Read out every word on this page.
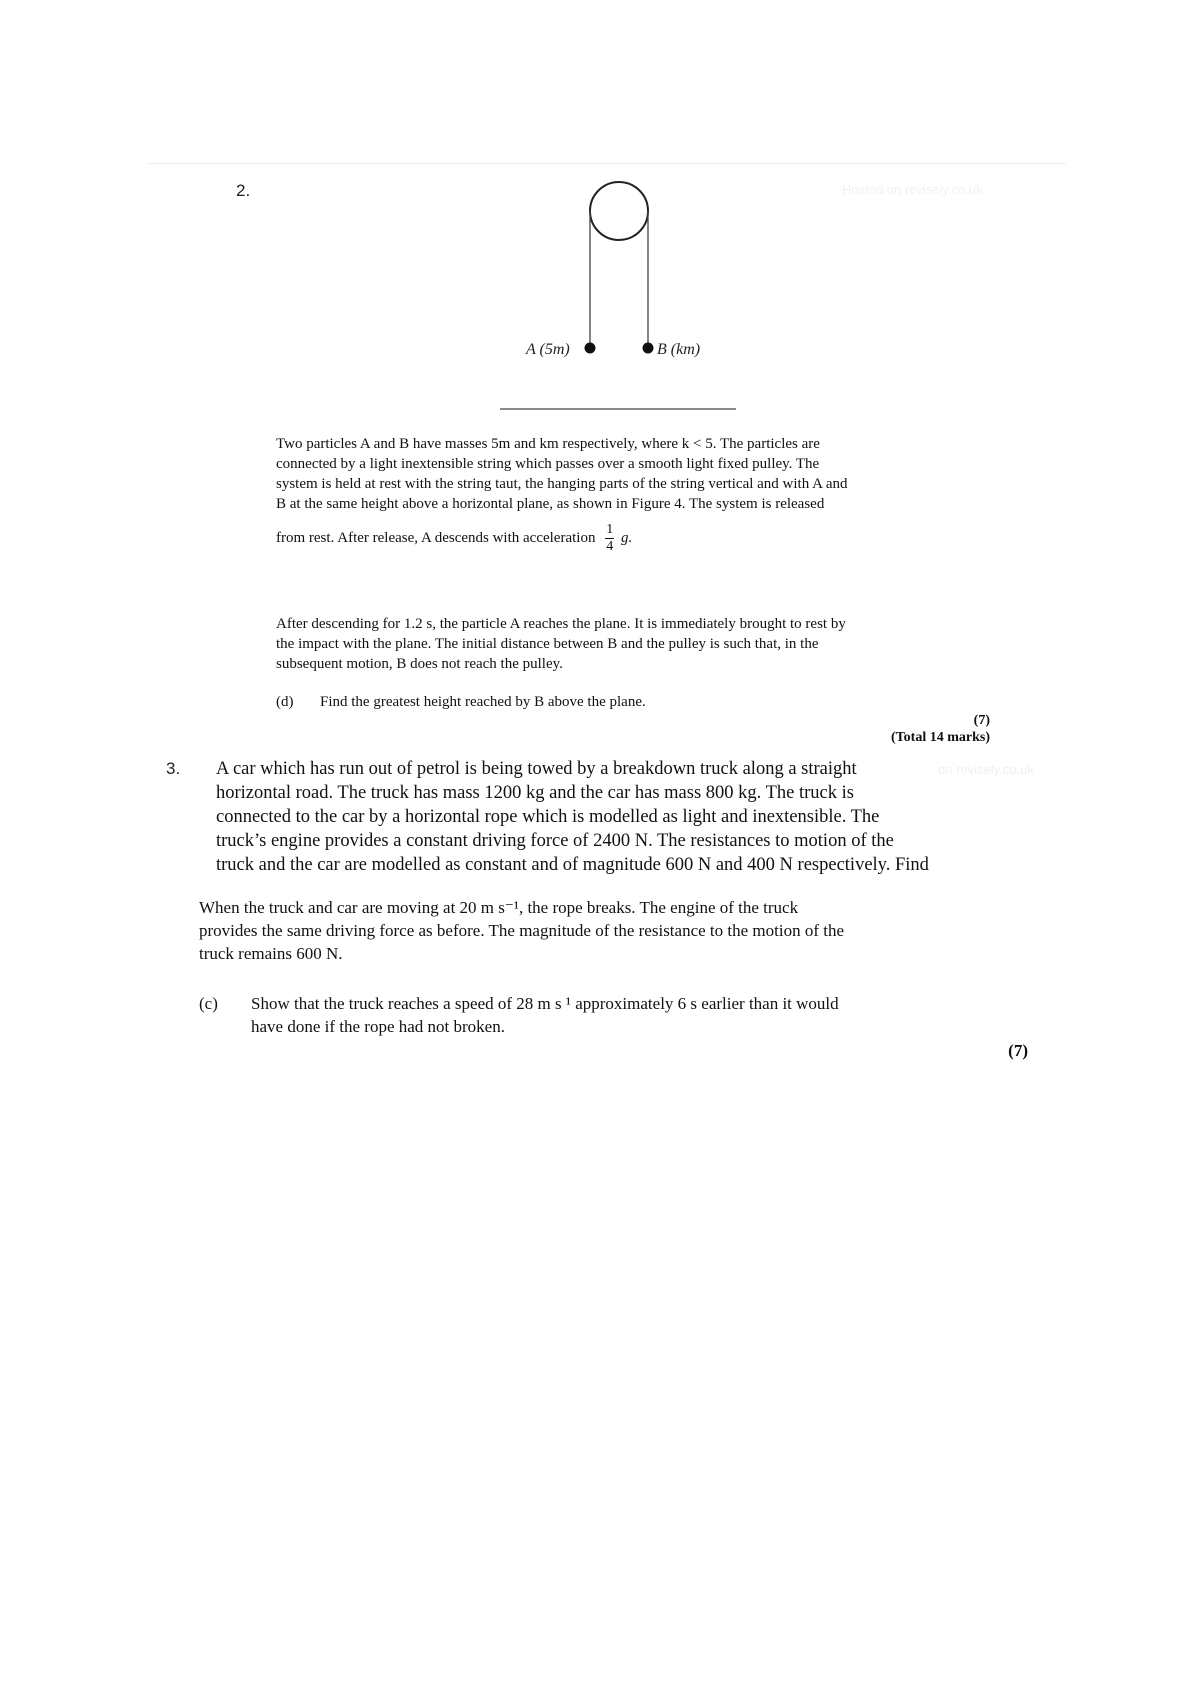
2.	Hosted on revisely.co.uk
A (5m)	B (km)
Two particles A and B have masses 5m and km respectively, where k < 5. The particles are
connected by a light inextensible string which passes over a smooth light fixed pulley. The
system is held at rest with the string taut, the hanging parts of the string vertical and with A and
B at the same height above a horizontal plane, as shown in Figure 4. The system is released
from rest. After release, A descends with acceleration $\frac{1}{4} g$.
After descending for 1.2 s, the particle A reaches the plane. It is immediately brought to rest by
the impact with the plane. The initial distance between B and the pulley is such that, in the
subsequent motion, B does not reach the pulley.
(d) Find the greatest height reached by B above the plane.
(7)
(Total 14 marks)
3.	on revisely.co.uk
A car which has run out of petrol is being towed by a breakdown truck along a straight
horizontal road. The truck has mass 1200 kg and the car has mass 800 kg. The truck is
connected to the car by a horizontal rope which is modelled as light and inextensible. The
truck’s engine provides a constant driving force of 2400 N. The resistances to motion of the
truck and the car are modelled as constant and of magnitude 600 N and 400 N respectively. Find
When the truck and car are moving at 20 m s⁻¹, the rope breaks. The engine of the truck
provides the same driving force as before. The magnitude of the resistance to the motion of the
truck remains 600 N.
(c) Show that the truck reaches a speed of 28 m s ¹ approximately 6 s earlier than it would
have done if the rope had not broken.
(7)
